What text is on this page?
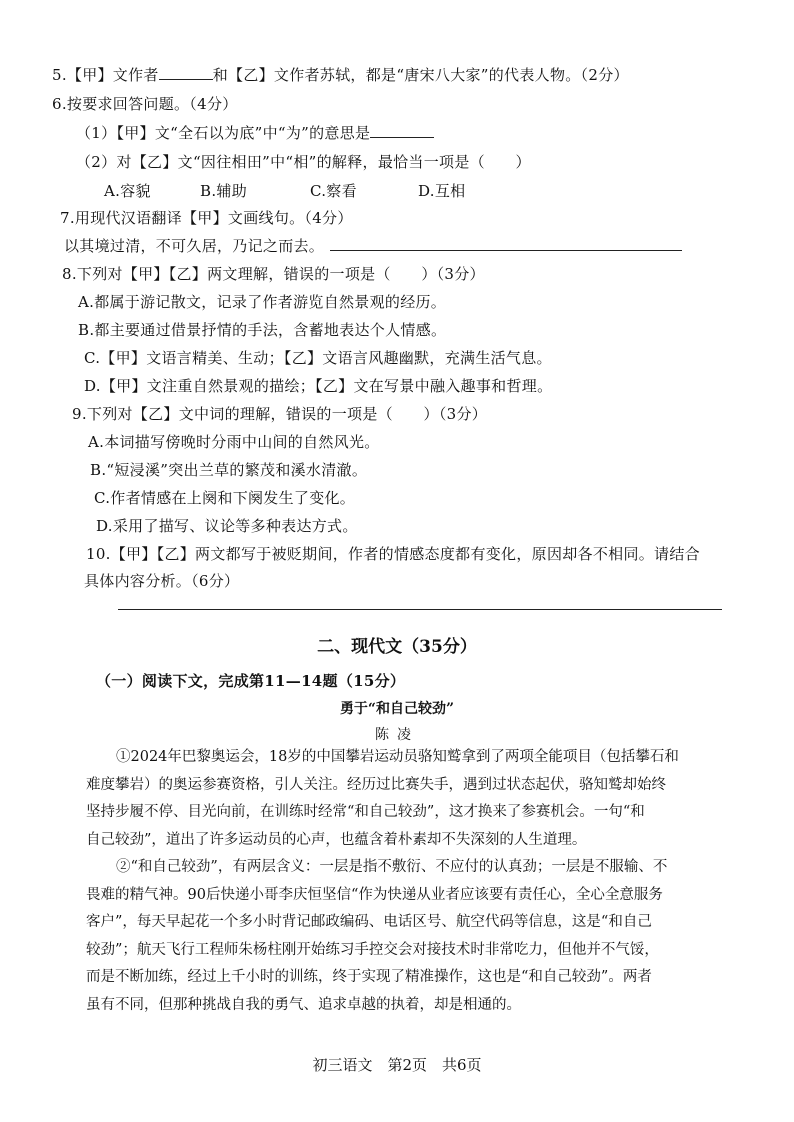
5.【甲】文作者	和【乙】文作者苏轼，都是“唐宋八大家”的代表人物。（2分）
6.按要求回答问题。（4分）
（1）【甲】文“全石以为底”中“为”的意思是
（2）对【乙】文“因往相田”中“相”的解释，最恰当一项是（　　）
A.容貌	B.辅助	C.察看	D.互相
7.用现代汉语翻译【甲】文画线句。（4分）
以其境过清，不可久居，乃记之而去。
8.下列对【甲】【乙】两文理解，错误的一项是（　　）（3分）
A.都属于游记散文，记录了作者游览自然景观的经历。
B.都主要通过借景抒情的手法，含蓄地表达个人情感。
C.【甲】文语言精美、生动；【乙】文语言风趣幽默，充满生活气息。
D.【甲】文注重自然景观的描绘；【乙】文在写景中融入趣事和哲理。
9.下列对【乙】文中词的理解，错误的一项是（　　）（3分）
A.本词描写傍晚时分雨中山间的自然风光。
B.“短浸溪”突出兰草的繁茂和溪水清澈。
C.作者情感在上阕和下阕发生了变化。
D.采用了描写、议论等多种表达方式。
10.【甲】【乙】两文都写于被贬期间，作者的情感态度都有变化，原因却各不相同。请结合
具体内容分析。（6分）
二、现代文（35分）
（一）阅读下文，完成第11—14题（15分）
勇于“和自己较劲”
陈凌
①2024年巴黎奥运会，18岁的中国攀岩运动员骆知鹫拿到了两项全能项目（包括攀石和
难度攀岩）的奥运参赛资格，引人关注。经历过比赛失手，遇到过状态起伏，骆知鹫却始终
坚持步履不停、目光向前，在训练时经常“和自己较劲”，这才换来了参赛机会。一句“和
自己较劲”，道出了许多运动员的心声，也蕴含着朴素却不失深刻的人生道理。
②“和自己较劲”，有两层含义：一层是指不敷衍、不应付的认真劲；一层是不服输、不
畏难的精气神。90后快递小哥李庆恒坚信“作为快递从业者应该要有责任心，全心全意服务
客户”，每天早起花一个多小时背记邮政编码、电话区号、航空代码等信息，这是“和自己
较劲”；航天飞行工程师朱杨柱刚开始练习手控交会对接技术时非常吃力，但他并不气馁，
而是不断加练，经过上千小时的训练，终于实现了精准操作，这也是“和自己较劲”。两者
虽有不同，但那种挑战自我的勇气、追求卓越的执着，却是相通的。
初三语文　第2页　共6页
